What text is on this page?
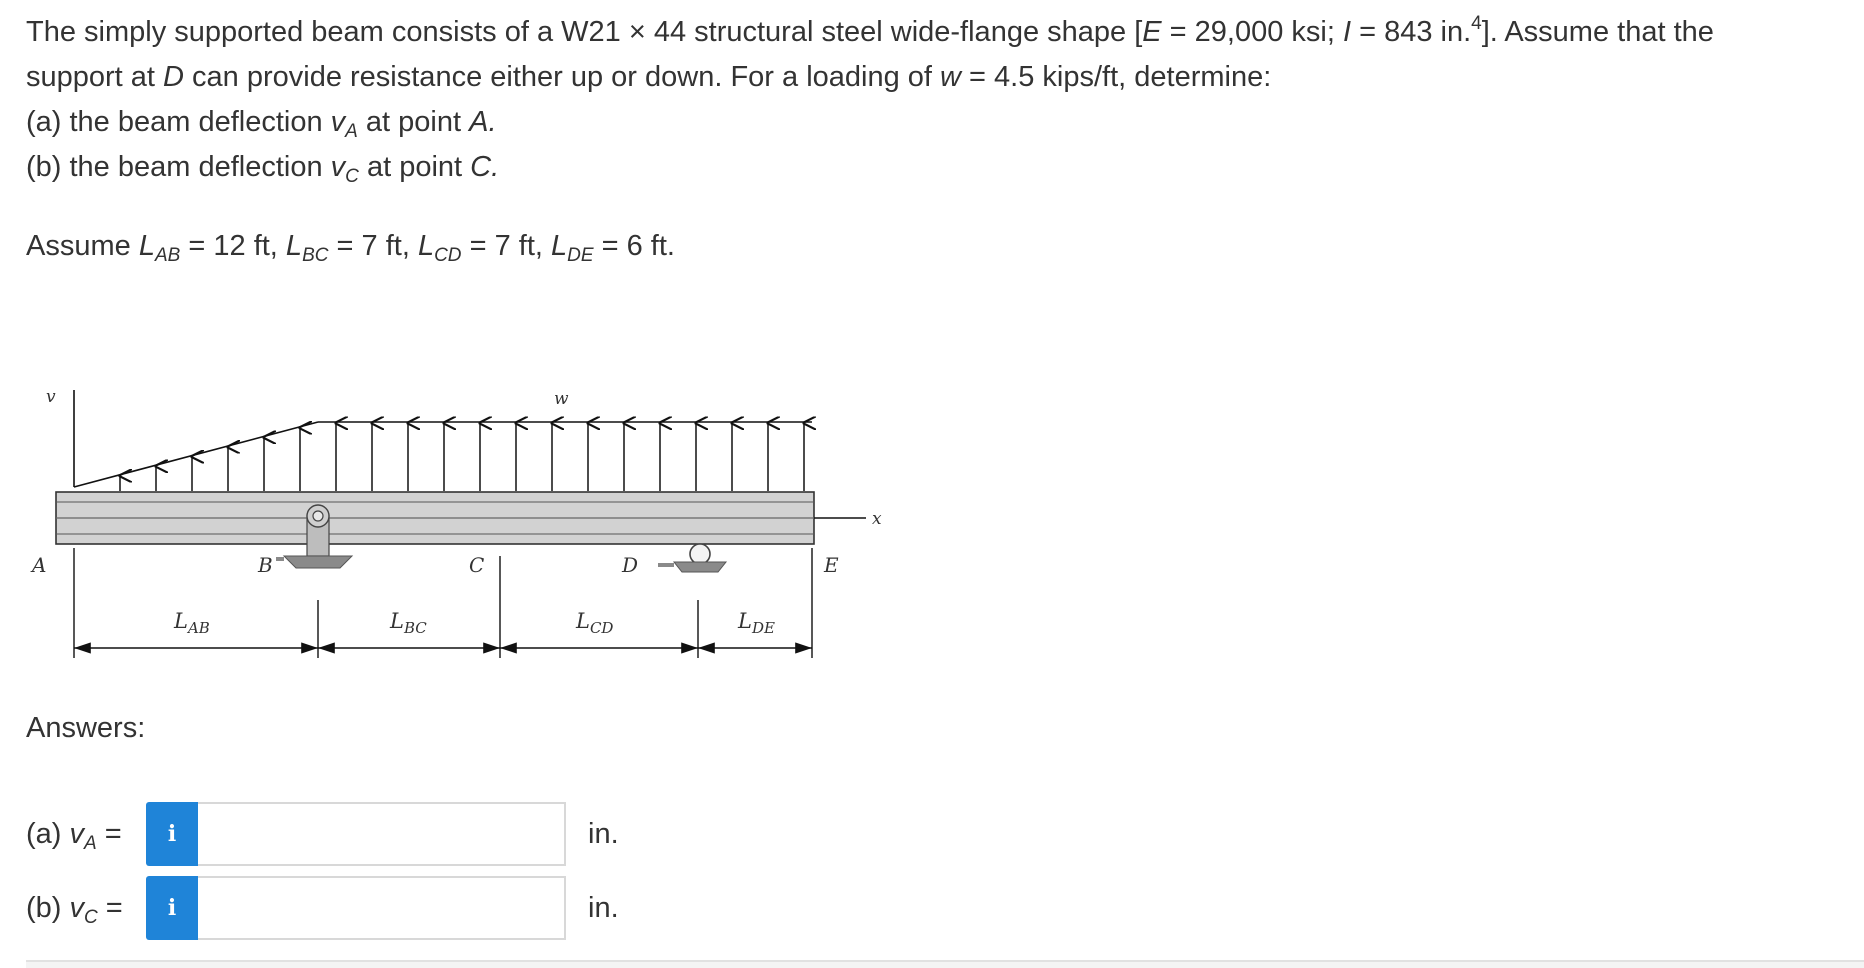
The simply supported beam consists of a W21 × 44 structural steel wide-flange shape [E = 29,000 ksi; I = 843 in.$^4$]. Assume that the

support at D can provide resistance either up or down. For a loading of w = 4.5 kips/ft, determine:

(a) the beam deflection $v_A$ at point A.

(b) the beam deflection $v_C$ at point C.

Assume $L_{AB} = 12$ ft, $L_{BC} = 7$ ft, $L_{CD} = 7$ ft, $L_{DE} = 6$ ft.
v	w
x
A	B	C	D	E
$L_{AB}$	$L_{BC}$	$L_{CD}$	$L_{DE}$
Answers:
(a) $v_A$ =	i	in.
(b) $v_C$ =	i	in.
